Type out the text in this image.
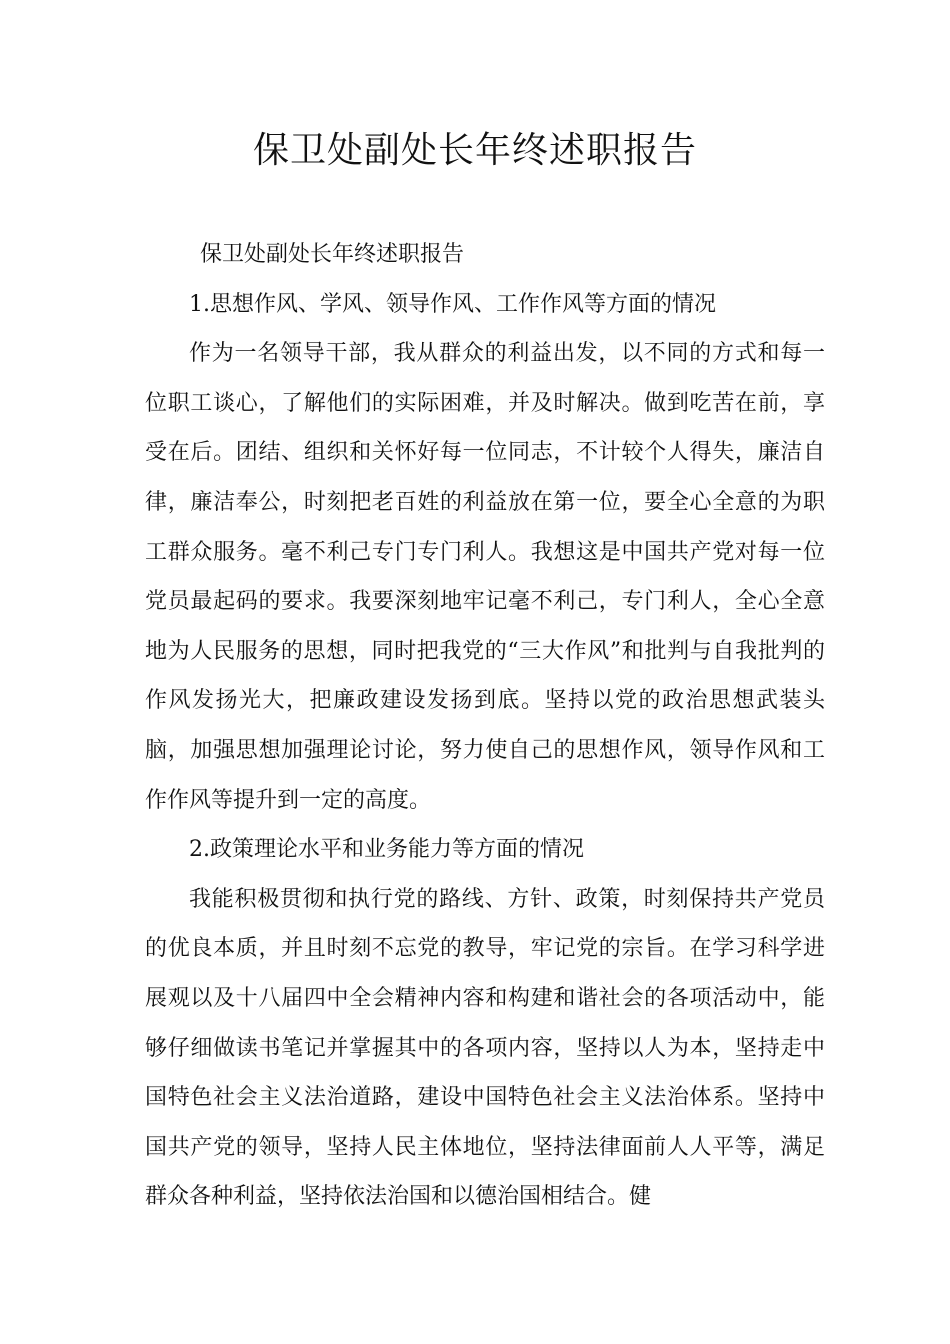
保卫处副处长年终述职报告

保卫处副处长年终述职报告

1.思想作风、学风、领导作风、工作作风等方面的情况

作为一名领导干部，我从群众的利益出发，以不同的方式和每一位职工谈心，了解他们的实际困难，并及时解决。做到吃苦在前，享受在后。团结、组织和关怀好每一位同志，不计较个人得失，廉洁自律，廉洁奉公，时刻把老百姓的利益放在第一位，要全心全意的为职工群众服务。毫不利己专门专门利人。我想这是中国共产党对每一位党员最起码的要求。我要深刻地牢记毫不利己，专门利人，全心全意地为人民服务的思想，同时把我党的“三大作风”和批判与自我批判的作风发扬光大，把廉政建设发扬到底。坚持以党的政治思想武装头脑，加强思想加强理论讨论，努力使自己的思想作风，领导作风和工作作风等提升到一定的高度。

2.政策理论水平和业务能力等方面的情况

我能积极贯彻和执行党的路线、方针、政策，时刻保持共产党员的优良本质，并且时刻不忘党的教导，牢记党的宗旨。在学习科学进展观以及十八届四中全会精神内容和构建和谐社会的各项活动中，能够仔细做读书笔记并掌握其中的各项内容，坚持以人为本，坚持走中国特色社会主义法治道路，建设中国特色社会主义法治体系。坚持中国共产党的领导，坚持人民主体地位，坚持法律面前人人平等，满足群众各种利益，坚持依法治国和以德治国相结合。健
